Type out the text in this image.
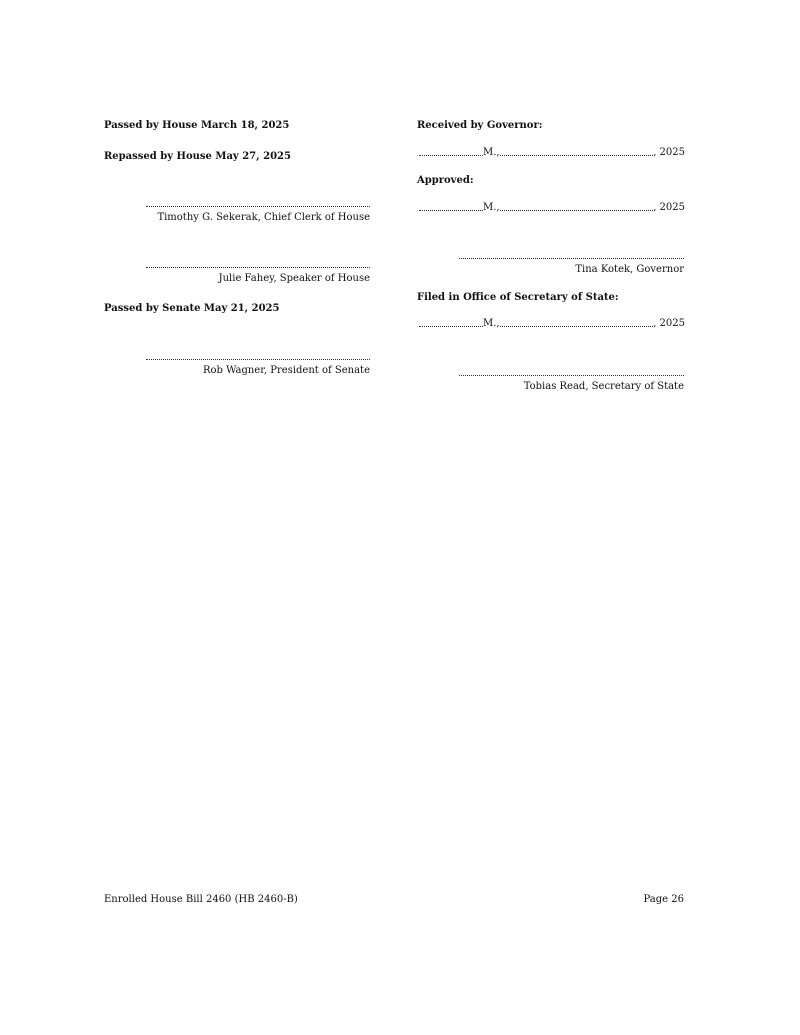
Passed by House March 18, 2025
Repassed by House May 27, 2025
Timothy G. Sekerak, Chief Clerk of House
Julie Fahey, Speaker of House
Passed by Senate May 21, 2025
Rob Wagner, President of Senate
Received by Governor:
M.,	, 2025
Approved:
M.,	, 2025
Tina Kotek, Governor
Filed in Office of Secretary of State:
M.,	, 2025
Tobias Read, Secretary of State
Enrolled House Bill 2460 (HB 2460-B)	Page 26
